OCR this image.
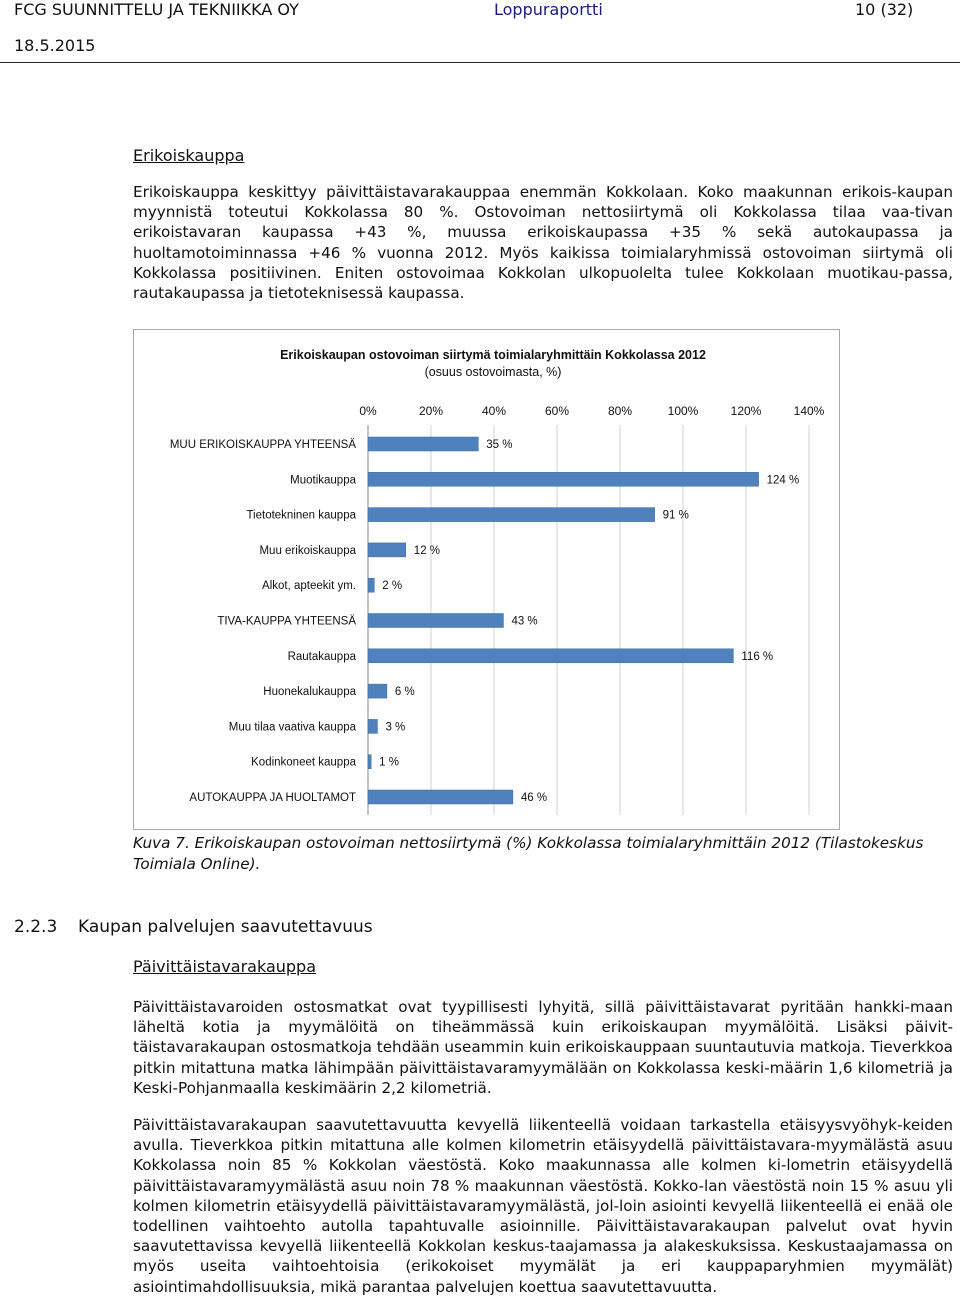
FCG SUUNNITTELU JA TEKNIIKKA OY	Loppuraportti	10 (32)
18.5.2015
Erikoiskauppa

Erikoiskauppa keskittyy päivittäistavarakauppaa enemmän Kokkolaan. Koko maakunnan erikois-kaupan myynnistä toteutui Kokkolassa 80 %. Ostovoiman nettosiirtymä oli Kokkolassa tilaa vaa-tivan erikoistavaran kaupassa +43 %, muussa erikoiskaupassa +35 % sekä autokaupassa ja huoltamotoiminnassa +46 % vuonna 2012. Myös kaikissa toimialaryhmissä ostovoiman siirtymä oli Kokkolassa positiivinen. Eniten ostovoimaa Kokkolan ulkopuolelta tulee Kokkolaan muotikau-passa, rautakaupassa ja tietoteknisessä kaupassa.

Erikoiskaupan ostovoiman siirtymä toimialaryhmittäin Kokkolassa 2012
(osuus ostovoimasta, %)
0%	20%	40%	60%	80%	100%	120%	140%
MUU ERIKOISKAUPPA YHTEENSÄ	35 %
Muotikauppa	124 %
Tietotekninen kauppa	91 %
Muu erikoiskauppa	12 %
Alkot, apteekit ym. 2 %
TIVA-KAUPPA YHTEENSÄ	43 %
Rautakauppa	116 %
Huonekalukauppa	6 %
Muu tilaa vaativa kauppa	3 %
Kodinkoneet kauppa 1 %
AUTOKAUPPA JA HUOLTAMOT	46 %
Kuva 7. Erikoiskaupan ostovoiman nettosiirtymä (%) Kokkolassa toimialaryhmittäin 2012 (Tilastokeskus Toimiala Online).
2.2.3 Kaupan palvelujen saavutettavuus
Päivittäistavarakauppa

Päivittäistavaroiden ostosmatkat ovat tyypillisesti lyhyitä, sillä päivittäistavarat pyritään hankki-maan läheltä kotia ja myymälöitä on tiheämmässä kuin erikoiskaupan myymälöitä. Lisäksi päivit-täistavarakaupan ostosmatkoja tehdään useammin kuin erikoiskauppaan suuntautuvia matkoja. Tieverkkoa pitkin mitattuna matka lähimpään päivittäistavaramyymälään on Kokkolassa keski-määrin 1,6 kilometriä ja Keski-Pohjanmaalla keskimäärin 2,2 kilometriä.

Päivittäistavarakaupan saavutettavuutta kevyellä liikenteellä voidaan tarkastella etäisyysvyöhyk-keiden avulla. Tieverkkoa pitkin mitattuna alle kolmen kilometrin etäisyydellä päivittäistavara-myymälästä asuu Kokkolassa noin 85 % Kokkolan väestöstä. Koko maakunnassa alle kolmen ki-lometrin etäisyydellä päivittäistavaramyymälästä asuu noin 78 % maakunnan väestöstä. Kokko-lan väestöstä noin 15 % asuu yli kolmen kilometrin etäisyydellä päivittäistavaramyymälästä, jol-loin asiointi kevyellä liikenteellä ei enää ole todellinen vaihtoehto autolla tapahtuvalle asioinnille. Päivittäistavarakaupan palvelut ovat hyvin saavutettavissa kevyellä liikenteellä Kokkolan keskus-taajamassa ja alakeskuksissa. Keskustaajamassa on myös useita vaihtoehtoisia (erikokoiset myymälät ja eri kauppaparyhmien myymälät) asiointimahdollisuuksia, mikä parantaa palvelujen koettua saavutettavuutta.
